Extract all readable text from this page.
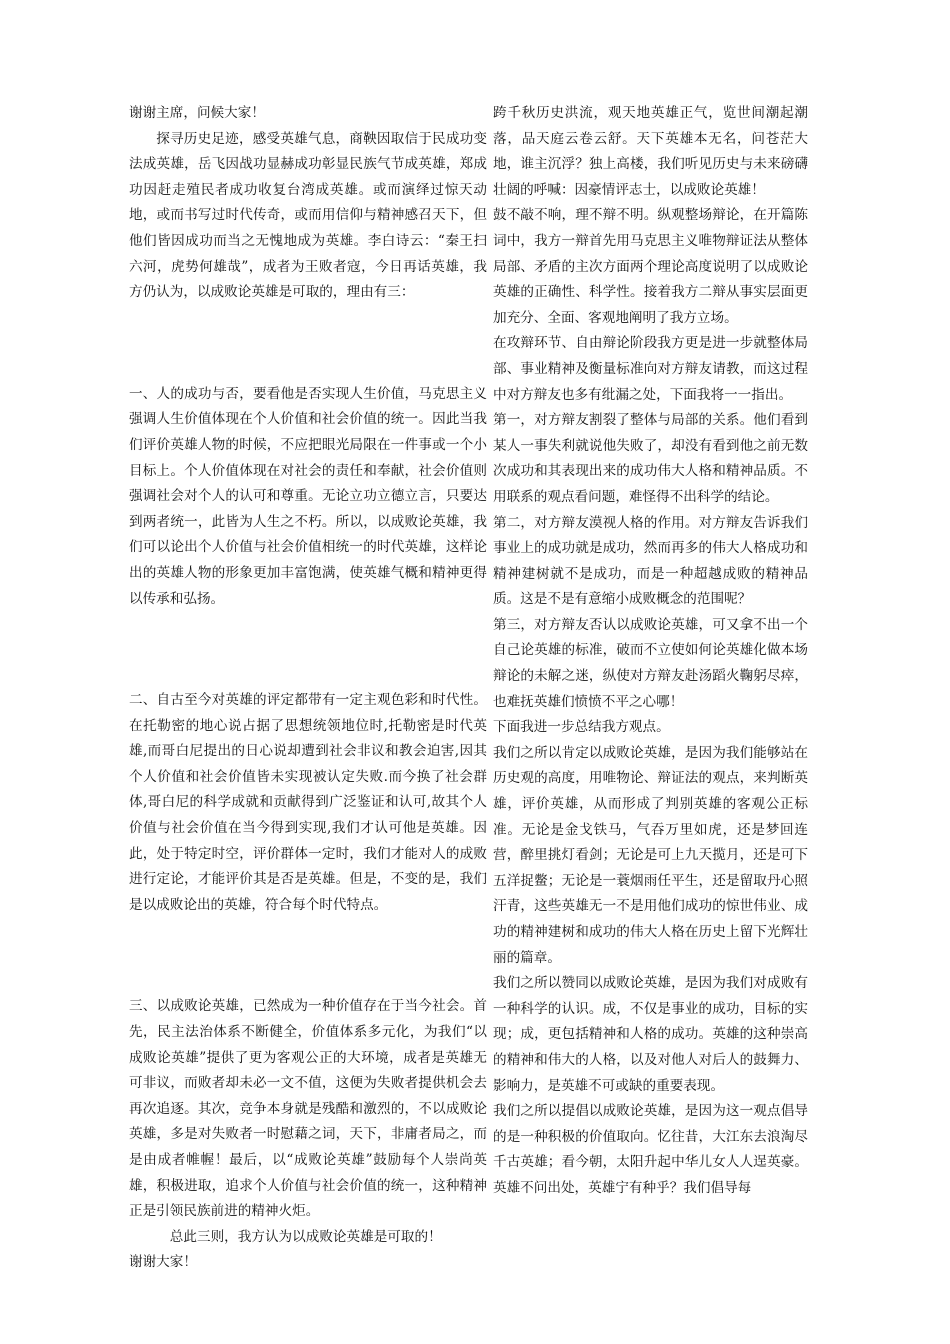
谢谢主席，问候大家！

探寻历史足迹，感受英雄气息，商鞅因取信于民成功变法成英雄，岳飞因战功显赫成功彰显民族气节成英雄，郑成功因赶走殖民者成功收复台湾成英雄。或而演绎过惊天动地，或而书写过时代传奇，或而用信仰与精神感召天下，但他们皆因成功而当之无愧地成为英雄。李白诗云：“秦王扫六河，虎势何雄哉”，成者为王败者寇，今日再话英雄，我方仍认为，以成败论英雄是可取的，理由有三：

一、人的成功与否，要看他是否实现人生价值，马克思主义强调人生价值体现在个人价值和社会价值的统一。因此当我们评价英雄人物的时候，不应把眼光局限在一件事或一个小目标上。个人价值体现在对社会的责任和奉献，社会价值则强调社会对个人的认可和尊重。无论立功立德立言，只要达到两者统一，此皆为人生之不朽。所以，以成败论英雄，我们可以论出个人价值与社会价值相统一的时代英雄，这样论出的英雄人物的形象更加丰富饱满，使英雄气概和精神更得以传承和弘扬。

二、自古至今对英雄的评定都带有一定主观色彩和时代性。在托勒密的地心说占据了思想统领地位时,托勒密是时代英雄,而哥白尼提出的日心说却遭到社会非议和教会迫害,因其个人价值和社会价值皆未实现被认定失败.而今换了社会群体,哥白尼的科学成就和贡献得到广泛鉴证和认可,故其个人价值与社会价值在当今得到实现,我们才认可他是英雄。因此，处于特定时空，评价群体一定时，我们才能对人的成败进行定论，才能评价其是否是英雄。但是，不变的是，我们是以成败论出的英雄，符合每个时代特点。

三、以成败论英雄，已然成为一种价值存在于当今社会。首先，民主法治体系不断健全，价值体系多元化，为我们“以成败论英雄”提供了更为客观公正的大环境，成者是英雄无可非议，而败者却未必一文不值，这便为失败者提供机会去再次追逐。其次，竞争本身就是残酷和激烈的，不以成败论英雄，多是对失败者一时慰藉之词，天下，非庸者局之，而是由成者帷幄！最后，以“成败论英雄”鼓励每个人崇尚英雄，积极进取，追求个人价值与社会价值的统一，这种精神正是引领民族前进的精神火炬。

总此三则，我方认为以成败论英雄是可取的！

谢谢大家！

跨千秋历史洪流，观天地英雄正气，览世间潮起潮落，品天庭云卷云舒。天下英雄本无名，问苍茫大地，谁主沉浮？独上高楼，我们听见历史与未来磅礴壮阔的呼喊：因豪情评志士，以成败论英雄！

鼓不敲不响，理不辩不明。纵观整场辩论，在开篇陈词中，我方一辩首先用马克思主义唯物辩证法从整体局部、矛盾的主次方面两个理论高度说明了以成败论英雄的正确性、科学性。接着我方二辩从事实层面更加充分、全面、客观地阐明了我方立场。

在攻辩环节、自由辩论阶段我方更是进一步就整体局部、事业精神及衡量标准向对方辩友请教，而这过程中对方辩友也多有纰漏之处，下面我将一一指出。

第一，对方辩友割裂了整体与局部的关系。他们看到某人一事失利就说他失败了，却没有看到他之前无数次成功和其表现出来的成功伟大人格和精神品质。不用联系的观点看问题，难怪得不出科学的结论。

第二，对方辩友漠视人格的作用。对方辩友告诉我们事业上的成功就是成功，然而再多的伟大人格成功和精神建树就不是成功，而是一种超越成败的精神品质。这是不是有意缩小成败概念的范围呢？

第三，对方辩友否认以成败论英雄，可又拿不出一个自己论英雄的标准，破而不立使如何论英雄化做本场辩论的未解之迷，纵使对方辩友赴汤蹈火鞠躬尽瘁，也难抚英雄们愤愤不平之心哪！

下面我进一步总结我方观点。

我们之所以肯定以成败论英雄，是因为我们能够站在历史观的高度，用唯物论、辩证法的观点，来判断英雄，评价英雄，从而形成了判别英雄的客观公正标准。无论是金戈铁马，气吞万里如虎，还是梦回连营，醉里挑灯看剑；无论是可上九天揽月，还是可下五洋捉鳖；无论是一蓑烟雨任平生，还是留取丹心照汗青，这些英雄无一不是用他们成功的惊世伟业、成功的精神建树和成功的伟大人格在历史上留下光辉壮丽的篇章。

我们之所以赞同以成败论英雄，是因为我们对成败有一种科学的认识。成，不仅是事业的成功，目标的实现；成，更包括精神和人格的成功。英雄的这种崇高的精神和伟大的人格，以及对他人对后人的鼓舞力、影响力，是英雄不可或缺的重要表现。

我们之所以提倡以成败论英雄，是因为这一观点倡导的是一种积极的价值取向。忆往昔，大江东去浪淘尽千古英雄；看今朝，太阳升起中华儿女人人逞英豪。英雄不问出处，英雄宁有种乎？我们倡导每
